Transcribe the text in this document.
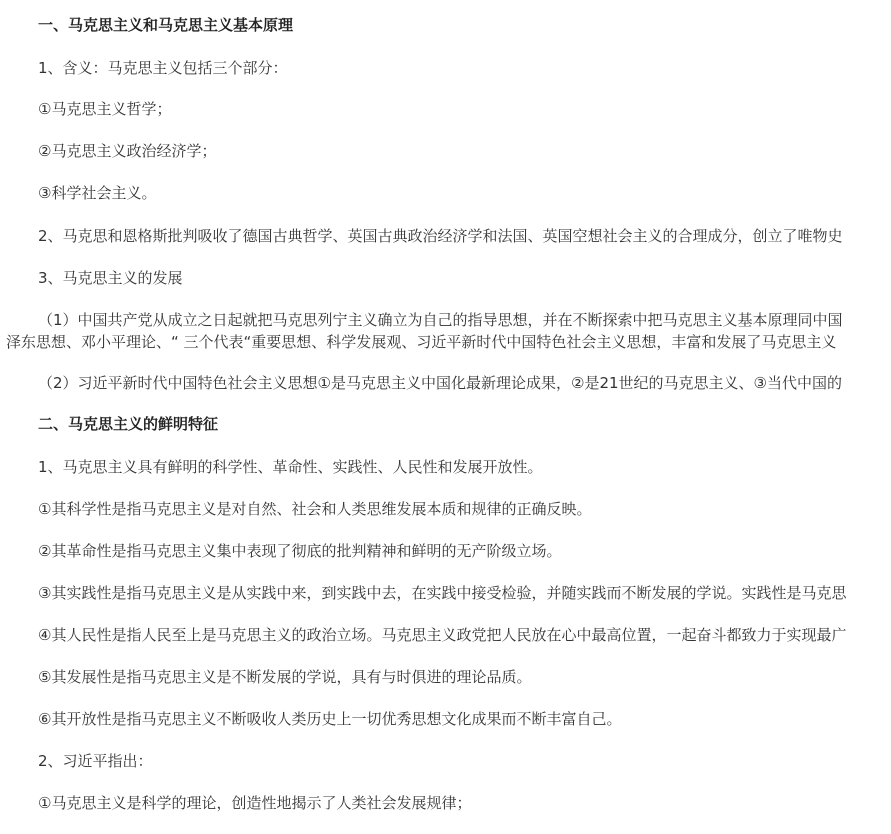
一、马克思主义和马克思主义基本原理
1、含义：马克思主义包括三个部分：
①马克思主义哲学；
②马克思主义政治经济学；
③科学社会主义。
2、马克思和恩格斯批判吸收了德国古典哲学、英国古典政治经济学和法国、英国空想社会主义的合理成分，创立了唯物史
3、马克思主义的发展
（1）中国共产党从成立之日起就把马克思列宁主义确立为自己的指导思想，并在不断探索中把马克思主义基本原理同中国
泽东思想、邓小平理论、“ 三个代表“重要思想、科学发展观、习近平新时代中国特色社会主义思想，丰富和发展了马克思主义
（2）习近平新时代中国特色社会主义思想①是马克思主义中国化最新理论成果，②是21世纪的马克思主义、③当代中国的
二、马克思主义的鲜明特征
1、马克思主义具有鲜明的科学性、革命性、实践性、人民性和发展开放性。
①其科学性是指马克思主义是对自然、社会和人类思维发展本质和规律的正确反映。
②其革命性是指马克思主义集中表现了彻底的批判精神和鲜明的无产阶级立场。
③其实践性是指马克思主义是从实践中来，到实践中去，在实践中接受检验，并随实践而不断发展的学说。实践性是马克思
④其人民性是指人民至上是马克思主义的政治立场。马克思主义政党把人民放在心中最高位置，一起奋斗都致力于实现最广
⑤其发展性是指马克思主义是不断发展的学说，具有与时俱进的理论品质。
⑥其开放性是指马克思主义不断吸收人类历史上一切优秀思想文化成果而不断丰富自己。
2、习近平指出：
①马克思主义是科学的理论，创造性地揭示了人类社会发展规律；
